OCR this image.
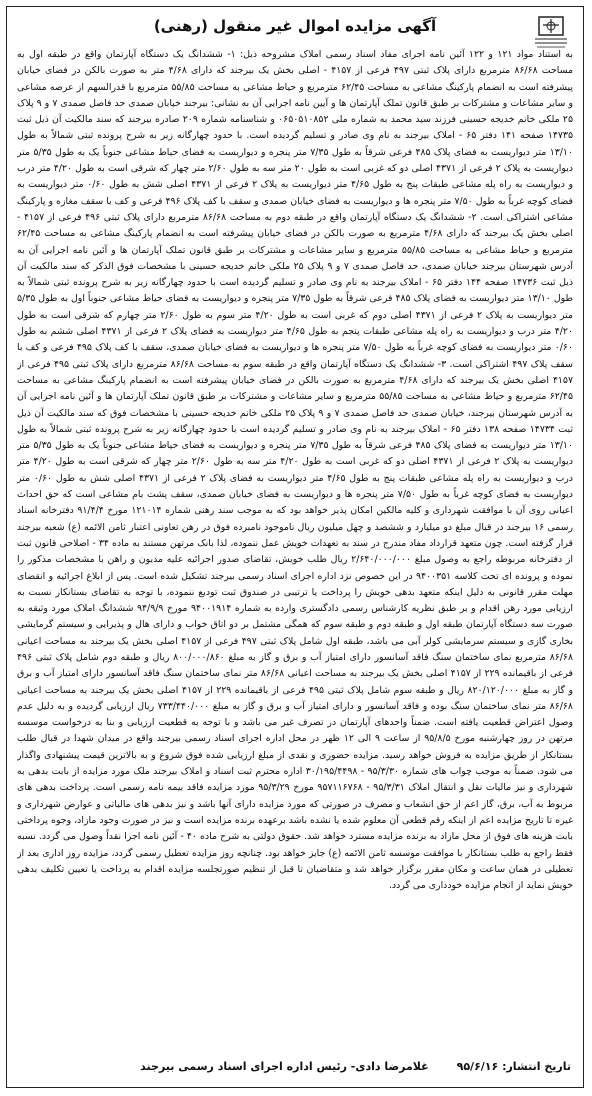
آگهی مزایده اموال غیر منقول (رهنی)

به استناد مواد ۱۲۱ و ۱۲۲ آئین نامه اجرای مفاد اسناد رسمی املاک مشروحه ذیل: ۱- ششدانگ یک دستگاه آپارتمان واقع در طبقه اول به مساحت ۸۶/۶۸ مترمربع دارای پلاک ثبتی ۴۹۷ فرعی از ۴۱۵۷ - اصلی بخش یک بیرجند که دارای ۴/۶۸ متر به صورت بالکن در فضای خیابان پیشرفته است به انضمام پارکینگ مشاعی به مساحت ۶۲/۴۵ مترمربع و حیاط مشاعی به مساحت ۵۵/۸۵ مترمربع با قدرالسهم از عرصه مشاعی و سایر مشاعات و مشترکات بر طبق قانون تملک آپارتمان ها و آیین نامه اجرایی آن به نشانی: بیرجند خیابان صمدی حد فاصل صمدی ۷ و ۹ پلاک ۲۵ ملکی خانم خدیجه حسینی فرزند سید محمد به شماره ملی ۰۶۵۰۵۱۰۸۵۲ و شناسنامه شماره ۲۰۹ صادره بیرجند که سند مالکیت آن ذیل ثبت ۱۴۷۳۵ صفحه ۱۴۱ دفتر ۶۵ - املاک بیرجند به نام وی صادر و تسلیم گردیده است. با حدود چهارگانه زیر به شرح پرونده ثبتی شمالاً به طول ۱۳/۱۰ متر دیواریست به فضای پلاک ۴۸۵ فرعی شرقاً به طول ۷/۳۵ متر پنجره و دیواریست به فضای حیاط مشاعی جنوباً یک به طول ۵/۳۵ متر دیواریست به پلاک ۲ فرعی از ۴۳۷۱ اصلی دو که غربی است به طول ۲۰ متر سه به طول ۲/۶۰ متر چهار که شرقی است به طول ۴/۲۰ متر درب و دیواریست به راه پله مشاعی طبقات پنج به طول ۴/۶۵ متر دیواریست به پلاک ۲ فرعی از ۴۳۷۱ اصلی شش به طول ۰/۶۰ متر دیواریست به فضای کوچه غرباً به طول ۷/۵۰ متر پنجره ها و دیواریست به فضای خیابان صمدی و سقف با کف پلاک ۴۹۶ فرعی و کف با سقف مغازه و پارکینگ مشاعی اشتراکی است. ۲- ششدانگ یک دستگاه آپارتمان واقع در طبقه دوم به مساحت ۸۶/۶۸ مترمربع دارای پلاک ثبتی ۴۹۶ فرعی از ۴۱۵۷ - اصلی بخش یک بیرجند که دارای ۴/۶۸ مترمربع به صورت بالکن در فضای خیابان پیشرفته است به انضمام پارکینگ مشاعی به مساحت ۶۲/۴۵ مترمربع و حیاط مشاعی به مساحت ۵۵/۸۵ مترمربع و سایر مشاعات و مشترکات بر طبق قانون تملک آپارتمان ها و آئین نامه اجرایی آن به آدرس شهرستان بیرجند خیابان صمدی، حد فاصل صمدی ۷ و ۹ پلاک ۲۵ ملکی خانم خدیجه حسینی با مشخصات فوق الذکر که سند مالکیت آن ذیل ثبت ۱۴۷۳۶ صفحه ۱۴۴ دفتر ۶۵ - املاک بیرجند به نام وی صادر و تسلیم گردیده است با حدود چهارگانه زیر به شرح پرونده ثبتی شمالاً به طول ۱۳/۱۰ متر دیواریست به فضای پلاک ۴۸۵ فرعی شرقاً به طول ۷/۳۵ متر پنجره و دیواریست به فضای حیاط مشاعی جنوباً اول به طول ۵/۳۵ متر دیواریست به پلاک ۲ فرعی از ۴۳۷۱ اصلی دوم که غربی است به طول ۴/۲۰ متر سوم به طول ۲/۶۰ متر چهارم که شرقی است به طول ۴/۲۰ متر درب و دیواریست به راه پله مشاعی طبقات پنجم به طول ۴/۶۵ متر دیواریست به فضای پلاک ۲ فرعی از ۴۳۷۱ اصلی ششم به طول ۰/۶۰ متر دیواریست به فضای کوچه غرباً به طول ۷/۵۰ متر پنجره ها و دیواریست به فضای خیابان صمدی، سقف با کف پلاک ۴۹۵ فرعی و کف با سقف پلاک ۴۹۷ اشتراکی است. ۳- ششدانگ یک دستگاه آپارتمان واقع در طبقه سوم به مساحت ۸۶/۶۸ مترمربع دارای پلاک ثبتی ۴۹۵ فرعی از ۴۱۵۷ اصلی بخش یک بیرجند که دارای ۴/۶۸ مترمربع به صورت بالکن در فضای خیابان پیشرفته است به انضمام پارکینگ مشاعی به مساحت ۶۲/۴۵ مترمربع و حیاط مشاعی به مساحت ۵۵/۸۵ مترمربع و سایر مشاعات و مشترکات بر طبق قانون تملک آپارتمان ها و آئین نامه اجرایی آن به آدرس شهرستان بیرجند، خیابان صمدی حد فاصل صمدی ۷ و ۹ پلاک ۲۵ ملکی خانم خدیجه حسینی با مشخصات فوق که سند مالکیت آن ذیل ثبت ۱۴۷۳۴ صفحه ۱۳۸ دفتر ۶۵ - املاک بیرجند به نام وی صادر و تسلیم گردیده است با حدود چهارگانه زیر به شرح پرونده ثبتی شمالاً به طول ۱۳/۱۰ متر دیواریست به فضای پلاک ۴۸۵ فرعی شرقاً به طول ۷/۳۵ متر پنجره و دیواریست به فضای حیاط مشاعی جنوباً یک به طول ۵/۳۵ متر دیواریست به پلاک ۲ فرعی از ۴۳۷۱ اصلی دو که غربی است به طول ۴/۲۰ متر سه به طول ۲/۶۰ متر چهار که شرقی است به طول ۴/۲۰ متر درب و دیواریست به راه پله مشاعی طبقات پنج به طول ۴/۶۵ متر دیواریست به فضای پلاک ۲ فرعی از ۴۳۷۱ اصلی شش به طول ۰/۶۰ متر دیواریست به فضای کوچه غرباً به طول ۷/۵۰ متر پنجره ها و دیواریست به فضای خیابان صمدی، سقف پشت بام مشاعی است که حق احداث اعیانی روی آن با موافقت شهرداری و کلیه مالکین امکان پذیر خواهد بود که به موجب سند رهنی شماره ۱۲۱۰۱۴ مورخ ۹۱/۴/۴ دفترخانه اسناد رسمی ۱۶ بیرجند در قبال مبلغ دو میلیارد و ششصد و چهل میلیون ریال ناموجود نامبرده فوق در رهن تعاونی اعتبار ثامن الائمه (ع) شعبه بیرجند قرار گرفته است. چون متعهد قرارداد مفاد مندرج در سند به تعهدات خویش عمل ننموده، لذا بانک مرتهن مستند به ماده ۳۴ - اصلاحی قانون ثبت از دفترخانه مربوطه راجع به وصول مبلغ ۲/۶۴۰/۰۰۰/۰۰۰ ریال طلب خویش، تقاضای صدور اجرائیه علیه مدیون و راهن با مشخصات مذکور را نموده و پرونده ای تحت کلاسه ۹۴۰۰۳۵۱ در این خصوص نزد اداره اجرای اسناد رسمی بیرجند تشکیل شده است. پس از ابلاغ اجرائیه و انقضای مهلت مقرر قانونی به دلیل اینکه متعهد بدهی خویش را پرداخت یا ترتیبی در صندوق ثبت تودیع ننموده، با توجه به تقاضای بستانکار نسبت به ارزیابی مورد رهن اقدام و بر طبق نظریه کارشناس رسمی دادگستری وارده به شماره ۹۴۰۰۱۹۱۴ مورخ ۹۴/۹/۹ ششدانگ املاک مورد وثیقه به صورت سه دستگاه آپارتمان طبقه اول و طبقه دوم و طبقه سوم که همگی مشتمل بر دو اتاق خواب و دارای هال و پذیرایی و سیستم گرمایشی بخاری گازی و سیستم سرمایشی کولر آبی می باشد، طبقه اول شامل پلاک ثبتی ۴۹۷ فرعی از ۴۱۵۷ اصلی بخش یک بیرجند به مساحت اعیانی ۸۶/۶۸ مترمربع نمای ساختمان سنگ فاقد آسانسور دارای امتیاز آب و برق و گاز به مبلغ ۸۰۰/۰۰۰/۸۶۰ ریال و طبقه دوم شامل پلاک ثبتی ۴۹۶ فرعی از باقیمانده ۲۲۹ از ۴۱۵۷ اصلی بخش یک بیرجند به مساحت اعیانی ۸۶/۶۸ متر نمای ساختمان سنگ فاقد آسانسور دارای امتیاز آب و برق و گاز به مبلغ ۸۲۰/۱۲۰/۰۰۰ ریال و طبقه سوم شامل پلاک ثبتی ۴۹۵ فرعی از باقیمانده ۲۲۹ از ۴۱۵۷ اصلی بخش یک بیرجند به مساحت اعیانی ۸۶/۶۸ متر نمای ساختمان سنگ بوده و فاقد آسانسور و دارای امتیاز آب و برق و گاز به مبلغ ۷۳۳/۴۴۰/۰۰۰ ریال ارزیابی گردیده و به دلیل عدم وصول اعتراض قطعیت یافته است. ضمناً واحدهای آپارتمان در تصرف غیر می باشد و با توجه به قطعیت ارزیابی و بنا به درخواست موسسه مرتهن در روز چهارشنبه مورخ ۹۵/۸/۵ از ساعت ۹ الی ۱۲ ظهر در محل اداره اجرای اسناد رسمی بیرجند واقع در میدان شهدا در قبال طلب بستانکار از طریق مزایده به فروش خواهد رسید. مزایده حضوری و نقدی از مبلغ ارزیابی شده فوق شروع و به بالاترین قیمت پیشنهادی واگذار می شود. ضمناً به موجب چواب های شماره ۹۵/۳/۳۰ - ۳۰/۱۹۵/۴۴۹۸ اداره محترم ثبت اسناد و املاک بیرجند ملک مورد مزایده از بابت بدهی به شهرداری و نیز مالیات نقل و انتقال املاک ۹۵/۳/۳۱ - ۹۵۷۱۱۶۷۶۸ مورخ ۹۵/۳/۲۹ مورد مزایده فاقد بیمه نامه رسمی است. پرداخت بدهی های مربوط به آب، برق، گاز اعم از حق انشعاب و مصرف در صورتی که مورد مزایده دارای آنها باشد و نیز بدهی های مالیاتی و عوارض شهرداری و غیره تا تاریخ مزایده اعم از اینکه رقم قطعی آن معلوم شده یا نشده باشد برعهده برنده مزایده است و نیز در صورت وجود مازاد، وجوه پرداختی بابت هزینه های فوق از محل مازاد به برنده مزایده مسترد خواهد شد. حقوق دولتی به شرح ماده ۴۰ - آئین نامه اجرا نقداً وصول می گردد. نسبه فقط راجع به طلب بستانکار با موافقت موسسه ثامن الائمه (ع) جایز خواهد بود. چنانچه روز مزایده تعطیل رسمی گردد، مزایده روز اداری بعد از تعطیلی در همان ساعت و مکان مقرر برگزار خواهد شد و متقاضیان تا قبل از تنظیم صورتجلسه مزایده اقدام به پرداخت یا تعیین تکلیف بدهی خویش نماید از انجام مزایده خودداری می گردد.

تاریخ انتشار: ۹۵/۶/۱۶
غلامرضا دادی- رئیس اداره اجرای اسناد رسمی بیرجند
